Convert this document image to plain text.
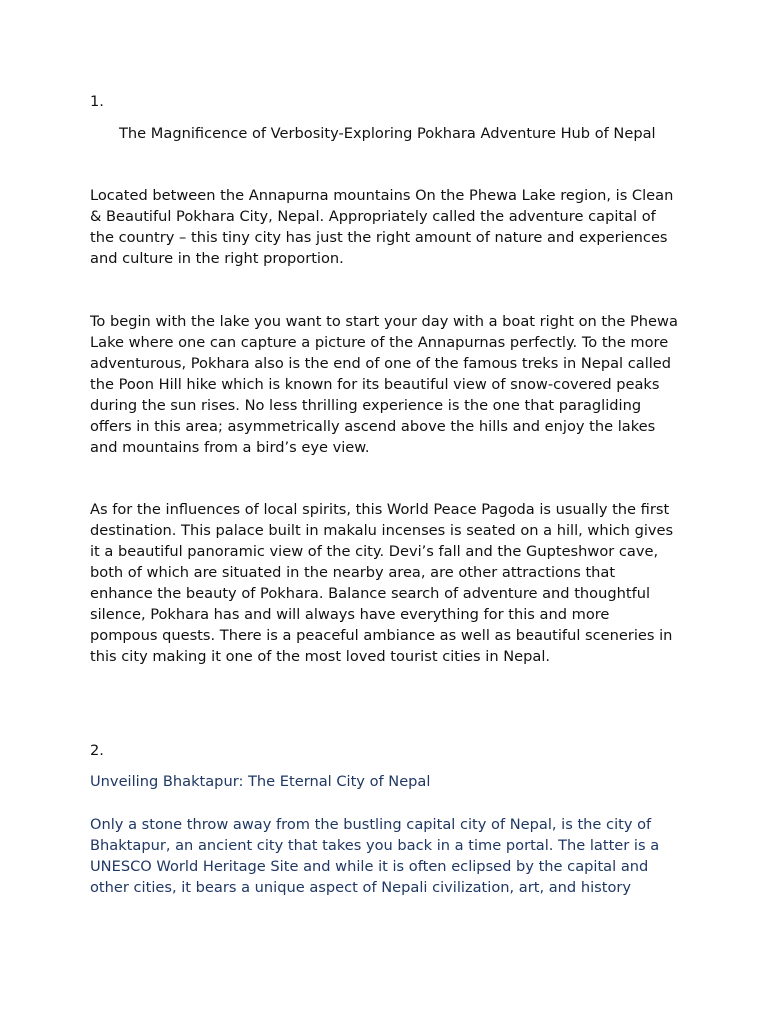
1.

The Magnificence of Verbosity-Exploring Pokhara Adventure Hub of Nepal

Located between the Annapurna mountains On the Phewa Lake region, is Clean & Beautiful Pokhara City, Nepal. Appropriately called the adventure capital of the country – this tiny city has just the right amount of nature and experiences and culture in the right proportion.

To begin with the lake you want to start your day with a boat right on the Phewa Lake where one can capture a picture of the Annapurnas perfectly. To the more adventurous, Pokhara also is the end of one of the famous treks in Nepal called the Poon Hill hike which is known for its beautiful view of snow-covered peaks during the sun rises. No less thrilling experience is the one that paragliding offers in this area; asymmetrically ascend above the hills and enjoy the lakes and mountains from a bird’s eye view.

As for the influences of local spirits, this World Peace Pagoda is usually the first destination. This palace built in makalu incenses is seated on a hill, which gives it a beautiful panoramic view of the city. Devi’s fall and the Gupteshwor cave, both of which are situated in the nearby area, are other attractions that enhance the beauty of Pokhara. Balance search of adventure and thoughtful silence, Pokhara has and will always have everything for this and more pompous quests. There is a peaceful ambiance as well as beautiful sceneries in this city making it one of the most loved tourist cities in Nepal.

2.

Unveiling Bhaktapur: The Eternal City of Nepal

Only a stone throw away from the bustling capital city of Nepal, is the city of Bhaktapur, an ancient city that takes you back in a time portal. The latter is a UNESCO World Heritage Site and while it is often eclipsed by the capital and other cities, it bears a unique aspect of Nepali civilization, art, and history
